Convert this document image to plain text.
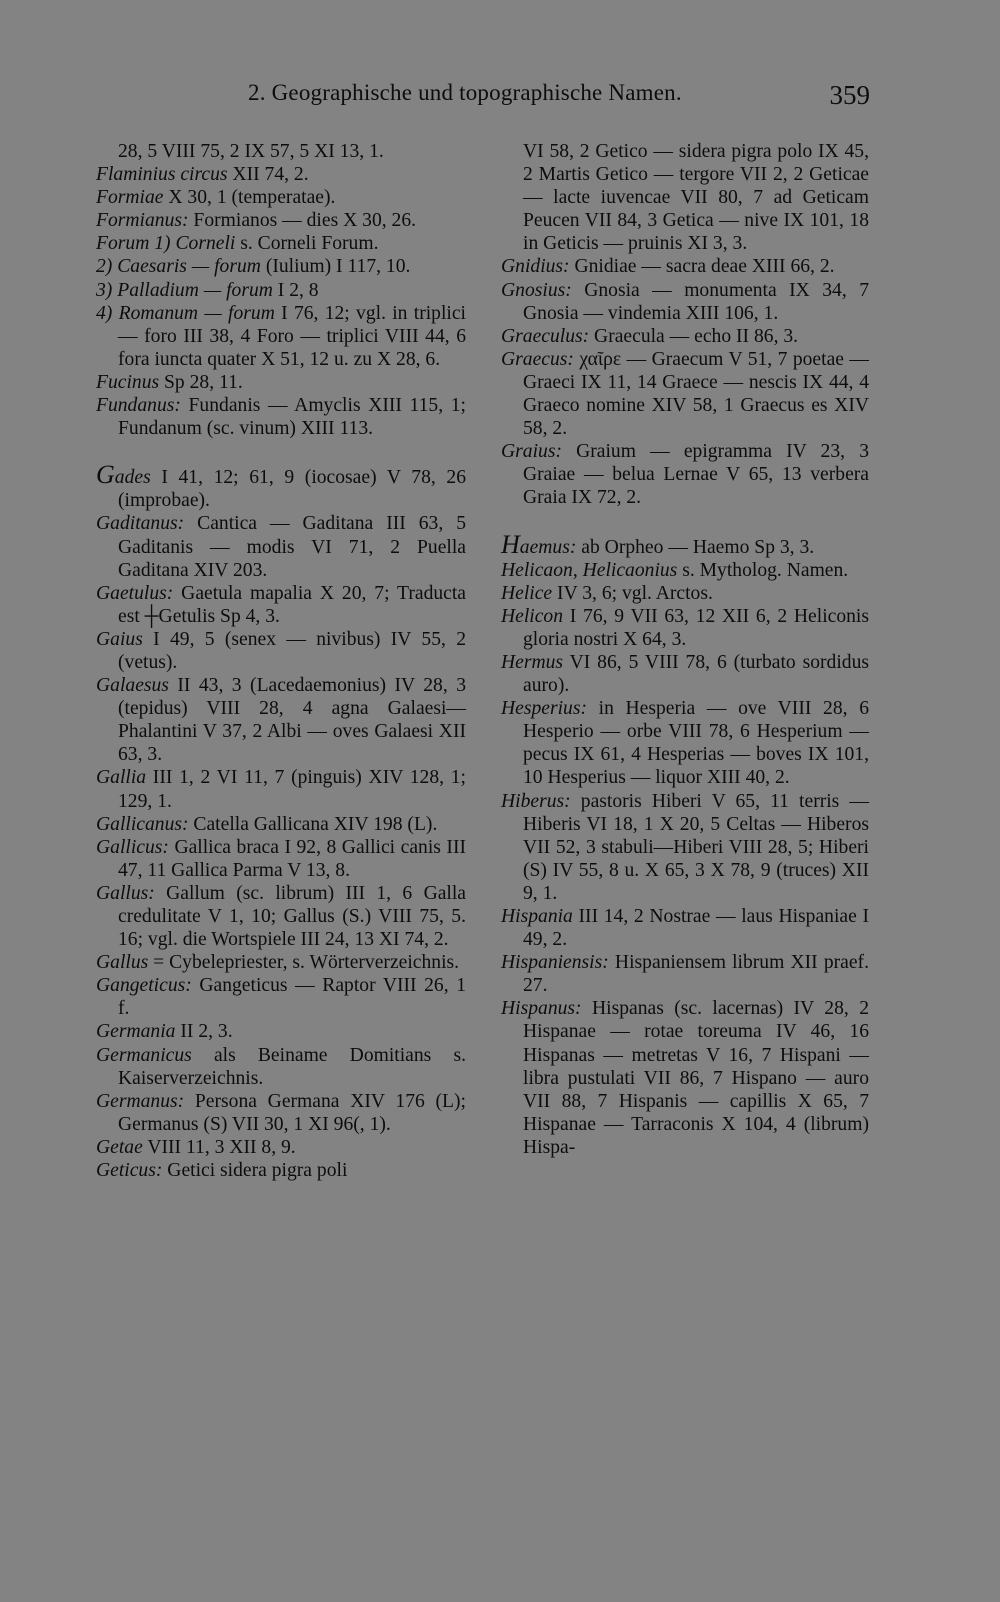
2. Geographische und topographische Namen.	359
28, 5 VIII 75, 2 IX 57, 5 XI 13, 1.
Flaminius circus XII 74, 2.
Formiae X 30, 1 (temperatae).
Formianus: Formianos — dies X 30, 26.
Forum 1) Corneli s. Corneli Forum.
2) Caesaris — forum (Iulium) I 117, 10.
3) Palladium — forum I 2, 8
4) Romanum — forum I 76, 12; vgl. in triplici — foro III 38, 4 Foro — triplici VIII 44, 6 fora iuncta quater X 51, 12 u. zu X 28, 6.
Fucinus Sp 28, 11.
Fundanus: Fundanis — Amyclis XIII 115, 1; Fundanum (sc. vinum) XIII 113.
Gades I 41, 12; 61, 9 (iocosae) V 78, 26 (improbae).
Gaditanus: Cantica — Gaditana III 63, 5 Gaditanis — modis VI 71, 2 Puella Gaditana XIV 203.
Gaetulus: Gaetula mapalia X 20, 7; Traducta est ┼Getulis Sp 4, 3.
Gaius I 49, 5 (senex — nivibus) IV 55, 2 (vetus).
Galaesus II 43, 3 (Lacedaemonius) IV 28, 3 (tepidus) VIII 28, 4 agna Galaesi—Phalantini V 37, 2 Albi — oves Galaesi XII 63, 3.
Gallia III 1, 2 VI 11, 7 (pinguis) XIV 128, 1; 129, 1.
Gallicanus: Catella Gallicana XIV 198 (L).
Gallicus: Gallica braca I 92, 8 Gallici canis III 47, 11 Gallica Parma V 13, 8.
Gallus: Gallum (sc. librum) III 1, 6 Galla credulitate V 1, 10; Gallus (S.) VIII 75, 5. 16; vgl. die Wortspiele III 24, 13 XI 74, 2.
Gallus = Cybelepriester, s. Wörterverzeichnis.
Gangeticus: Gangeticus — Raptor VIII 26, 1 f.
Germania II 2, 3.
Germanicus als Beiname Domitians s. Kaiserverzeichnis.
Germanus: Persona Germana XIV 176 (L); Germanus (S) VII 30, 1 XI 96(, 1).
Getae VIII 11, 3 XII 8, 9.
Geticus: Getici sidera pigra poli
VI 58, 2 Getico — sidera pigra polo IX 45, 2 Martis Getico — tergore VII 2, 2 Geticae — lacte iuvencae VII 80, 7 ad Geticam Peucen VII 84, 3 Getica — nive IX 101, 18 in Geticis — pruinis XI 3, 3.
Gnidius: Gnidiae — sacra deae XIII 66, 2.
Gnosius: Gnosia — monumenta IX 34, 7 Gnosia — vindemia XIII 106, 1.
Graeculus: Graecula — echo II 86, 3.
Graecus: χαῖρε — Graecum V 51, 7 poetae — Graeci IX 11, 14 Graece — nescis IX 44, 4 Graeco nomine XIV 58, 1 Graecus es XIV 58, 2.
Graius: Graium — epigramma IV 23, 3 Graiae — belua Lernae V 65, 13 verbera Graia IX 72, 2.
Haemus: ab Orpheo — Haemo Sp 3, 3.
Helicaon, Helicaonius s. Mytholog. Namen.
Helice IV 3, 6; vgl. Arctos.
Helicon I 76, 9 VII 63, 12 XII 6, 2 Heliconis gloria nostri X 64, 3.
Hermus VI 86, 5 VIII 78, 6 (turbato sordidus auro).
Hesperius: in Hesperia — ove VIII 28, 6 Hesperio — orbe VIII 78, 6 Hesperium — pecus IX 61, 4 Hesperias — boves IX 101, 10 Hesperius — liquor XIII 40, 2.
Hiberus: pastoris Hiberi V 65, 11 terris — Hiberis VI 18, 1 X 20, 5 Celtas — Hiberos VII 52, 3 stabuli—Hiberi VIII 28, 5; Hiberi (S) IV 55, 8 u. X 65, 3 X 78, 9 (truces) XII 9, 1.
Hispania III 14, 2 Nostrae — laus Hispaniae I 49, 2.
Hispaniensis: Hispaniensem librum XII praef. 27.
Hispanus: Hispanas (sc. lacernas) IV 28, 2 Hispanae — rotae toreuma IV 46, 16 Hispanas — metretas V 16, 7 Hispani — libra pustulati VII 86, 7 Hispano — auro VII 88, 7 Hispanis — capillis X 65, 7 Hispanae — Tarraconis X 104, 4 (librum) Hispa-
